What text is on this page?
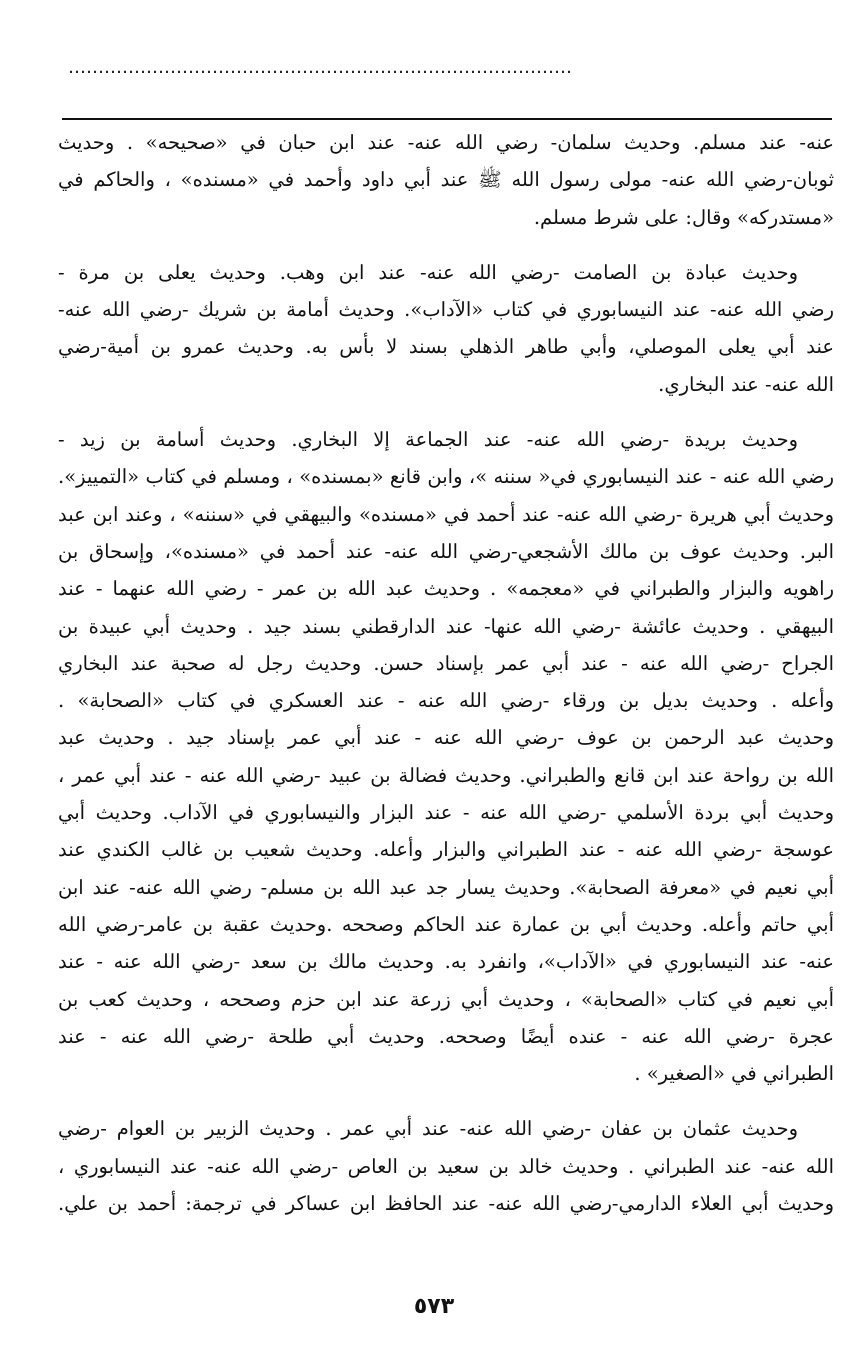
…………………………………………………………………………
عنه- عند مسلم. وحديث سلمان- رضي الله عنه- عند ابن حبان في «صحيحه» . وحديث
ثوبان-رضي الله عنه- مولى رسول الله ﷺ عند أبي داود وأحمد في «مسنده» ، والحاكم في
«مستدركه» وقال: على شرط مسلم.
وحديث عبادة بن الصامت -رضي الله عنه- عند ابن وهب. وحديث يعلى بن مرة -
رضي الله عنه- عند النيسابوري في كتاب «الآداب». وحديث أمامة بن شريك -رضي الله عنه-
عند أبي يعلى الموصلي، وأبي طاهر الذهلي بسند لا بأس به. وحديث عمرو بن أمية-رضي
الله عنه- عند البخاري.
وحديث بريدة -رضي الله عنه- عند الجماعة إلا البخاري. وحديث أسامة بن زيد -
رضي الله عنه - عند النيسابوري في« سننه »، وابن قانع «بمسنده» ، ومسلم في كتاب «التمييز».
وحديث أبي هريرة -رضي الله عنه- عند أحمد في «مسنده» والبيهقي في «سننه» ، وعند ابن عبد
البر. وحديث عوف بن مالك الأشجعي-رضي الله عنه- عند أحمد في «مسنده»، وإسحاق بن
راهويه والبزار والطبراني في «معجمه» . وحديث عبد الله بن عمر - رضي الله عنهما - عند
البيهقي . وحديث عائشة -رضي الله عنها- عند الدارقطني بسند جيد . وحديث أبي عبيدة بن
الجراح -رضي الله عنه - عند أبي عمر بإسناد حسن. وحديث رجل له صحبة عند البخاري
وأعله . وحديث بديل بن ورقاء -رضي الله عنه - عند العسكري في كتاب «الصحابة» .
وحديث عبد الرحمن بن عوف -رضي الله عنه - عند أبي عمر بإسناد جيد . وحديث عبد
الله بن رواحة عند ابن قانع والطبراني. وحديث فضالة بن عبيد -رضي الله عنه - عند أبي عمر ،
وحديث أبي بردة الأسلمي -رضي الله عنه - عند البزار والنيسابوري في الآداب. وحديث أبي
عوسجة -رضي الله عنه - عند الطبراني والبزار وأعله. وحديث شعيب بن غالب الكندي عند
أبي نعيم في «معرفة الصحابة». وحديث يسار جد عبد الله بن مسلم- رضي الله عنه- عند ابن
أبي حاتم وأعله. وحديث أبي بن عمارة عند الحاكم وصححه .وحديث عقبة بن عامر-رضي الله
عنه- عند النيسابوري في «الآداب»، وانفرد به. وحديث مالك بن سعد -رضي الله عنه - عند
أبي نعيم في كتاب «الصحابة» ، وحديث أبي زرعة عند ابن حزم وصححه ، وحديث كعب بن
عجرة -رضي الله عنه - عنده أيضًا وصححه. وحديث أبي طلحة -رضي الله عنه - عند
الطبراني في «الصغير» .
وحديث عثمان بن عفان -رضي الله عنه- عند أبي عمر . وحديث الزبير بن العوام -رضي
الله عنه- عند الطبراني . وحديث خالد بن سعيد بن العاص -رضي الله عنه- عند النيسابوري ،
وحديث أبي العلاء الدارمي-رضي الله عنه- عند الحافظ ابن عساكر في ترجمة: أحمد بن علي.
٥٧٣
